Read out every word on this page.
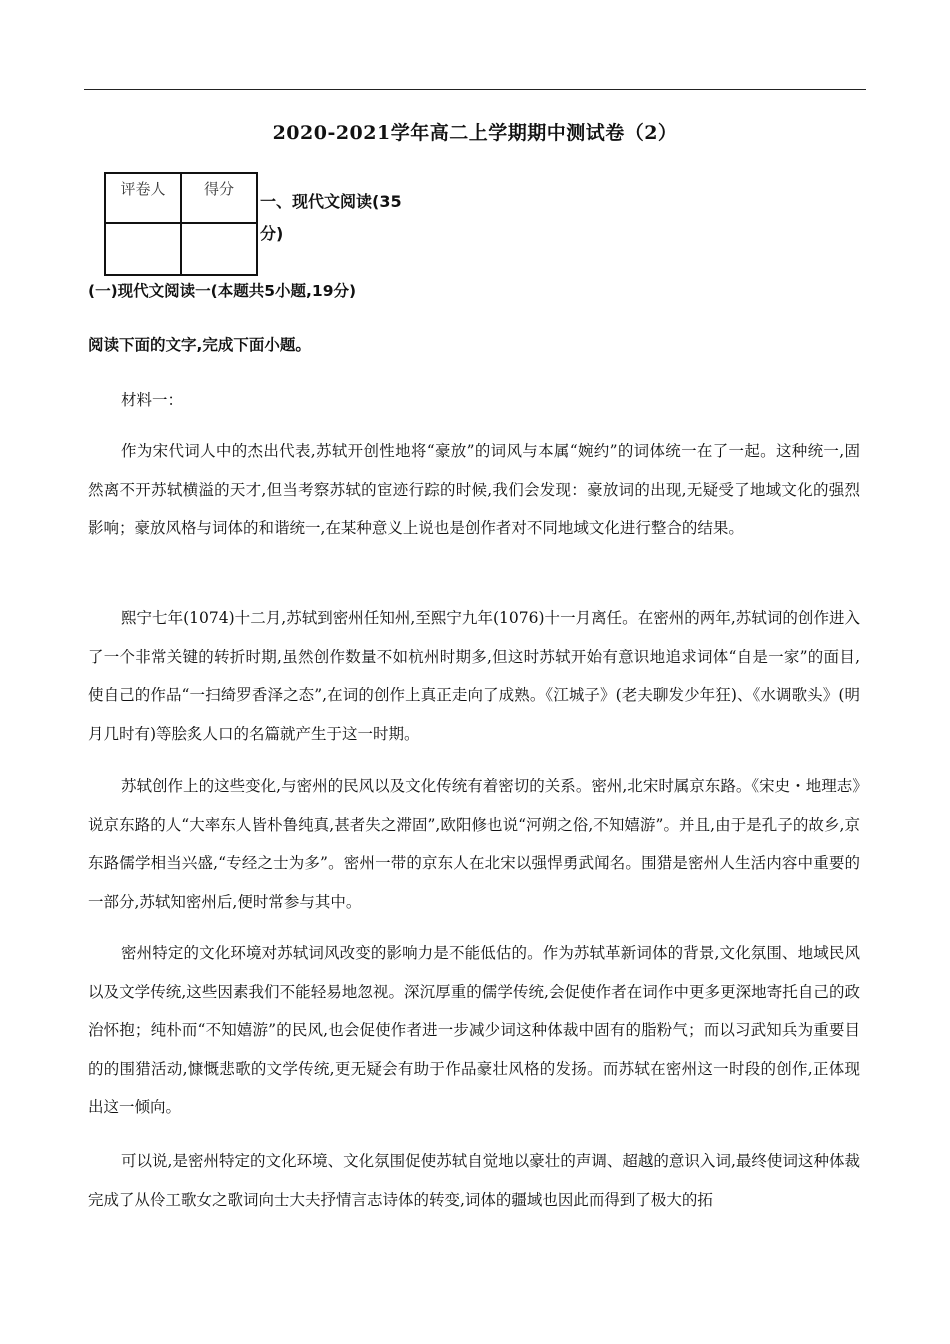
2020-2021学年高二上学期期中测试卷（2）
评卷人	得分

一、现代文阅读(35分)
(一)现代文阅读一(本题共5小题,19分)
阅读下面的文字,完成下面小题。
材料一：
作为宋代词人中的杰出代表,苏轼开创性地将“豪放”的词风与本属“婉约”的词体统一在了一起。这种统一,固然离不开苏轼横溢的天才,但当考察苏轼的宦迹行踪的时候,我们会发现：豪放词的出现,无疑受了地域文化的强烈影响；豪放风格与词体的和谐统一,在某种意义上说也是创作者对不同地域文化进行整合的结果。
熙宁七年(1074)十二月,苏轼到密州任知州,至熙宁九年(1076)十一月离任。在密州的两年,苏轼词的创作进入了一个非常关键的转折时期,虽然创作数量不如杭州时期多,但这时苏轼开始有意识地追求词体“自是一家”的面目,使自己的作品“一扫绮罗香泽之态”,在词的创作上真正走向了成熟。《江城子》(老夫聊发少年狂)、《水调歌头》(明月几时有)等脍炙人口的名篇就产生于这一时期。
苏轼创作上的这些变化,与密州的民风以及文化传统有着密切的关系。密州,北宋时属京东路。《宋史・地理志》说京东路的人“大率东人皆朴鲁纯真,甚者失之滞固”,欧阳修也说“河朔之俗,不知嬉游”。并且,由于是孔子的故乡,京东路儒学相当兴盛,“专经之士为多”。密州一带的京东人在北宋以强悍勇武闻名。围猎是密州人生活内容中重要的一部分,苏轼知密州后,便时常参与其中。
密州特定的文化环境对苏轼词风改变的影响力是不能低估的。作为苏轼革新词体的背景,文化氛围、地域民风以及文学传统,这些因素我们不能轻易地忽视。深沉厚重的儒学传统,会促使作者在词作中更多更深地寄托自己的政治怀抱；纯朴而“不知嬉游”的民风,也会促使作者进一步减少词这种体裁中固有的脂粉气；而以习武知兵为重要目的的围猎活动,慷慨悲歌的文学传统,更无疑会有助于作品豪壮风格的发扬。而苏轼在密州这一时段的创作,正体现出这一倾向。
可以说,是密州特定的文化环境、文化氛围促使苏轼自觉地以豪壮的声调、超越的意识入词,最终使词这种体裁完成了从伶工歌女之歌词向士大夫抒情言志诗体的转变,词体的疆域也因此而得到了极大的拓
